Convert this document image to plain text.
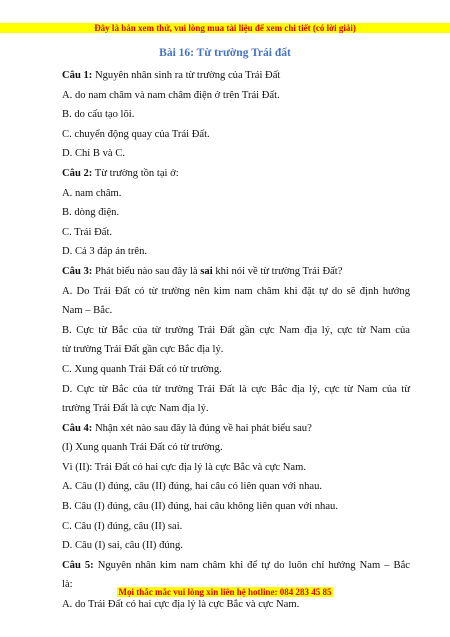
Đây là bản xem thử, vui lòng mua tài liệu để xem chi tiết (có lời giải)
Bài 16: Từ trường Trái đất
Câu 1: Nguyên nhân sinh ra từ trường của Trái Đất
A. do nam châm và nam châm điện ở trên Trái Đất.
B. do cấu tạo lõi.
C. chuyển động quay của Trái Đất.
D. Chỉ B và C.
Câu 2: Từ trường tồn tại ở:
A. nam châm.
B. dòng điện.
C. Trái Đất.
D. Cả 3 đáp án trên.
Câu 3: Phát biểu nào sau đây là sai khi nói về từ trường Trái Đất?
A. Do Trái Đất có từ trường nên kim nam châm khi đặt tự do sẽ định hướng
Nam – Bắc.
B. Cực từ Bắc của từ trường Trái Đất gần cực Nam địa lý, cực từ Nam của
từ trường Trái Đất gần cực Bắc địa lý.
C. Xung quanh Trái Đất có từ trường.
D. Cực từ Bắc của từ trường Trái Đất là cực Bắc địa lý, cực từ Nam của từ
trường Trái Đất là cực Nam địa lý.
Câu 4: Nhận xét nào sau đây là đúng về hai phát biểu sau?
(I) Xung quanh Trái Đất có từ trường.
Vì (II): Trái Đất có hai cực địa lý là cực Bắc và cực Nam.
A. Câu (I) đúng, câu (II) đúng, hai câu có liên quan với nhau.
B. Câu (I) đúng, câu (II) đúng, hai câu không liên quan với nhau.
C. Câu (I) đúng, câu (II) sai.
D. Câu (I) sai, câu (II) đúng.
Câu 5: Nguyên nhân kim nam châm khi để tự do luôn chỉ hướng Nam – Bắc
là:
A. do Trái Đất có hai cực địa lý là cực Bắc và cực Nam.
Mọi thắc mắc vui lòng xin liên hệ hotline: 084 283 45 85
